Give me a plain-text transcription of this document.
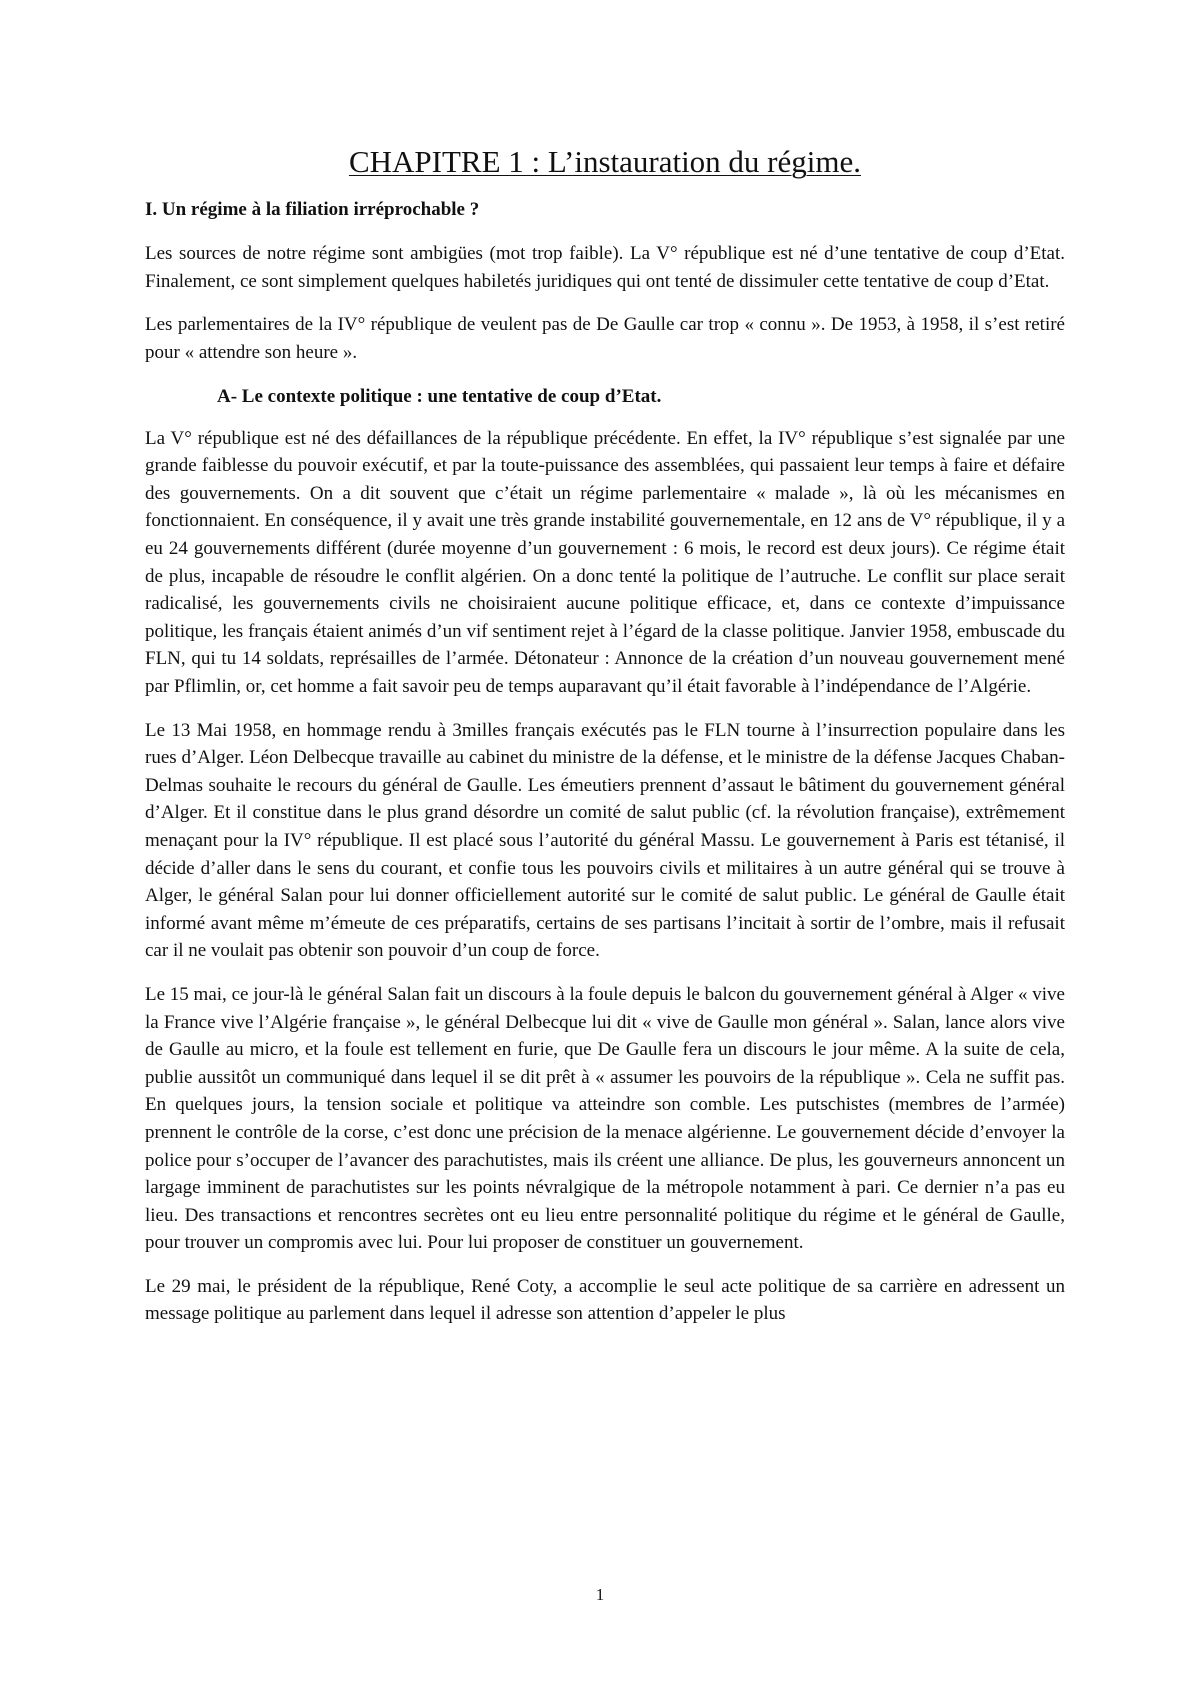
CHAPITRE 1 : L’instauration du régime.

I. Un régime à la filiation irréprochable ?

Les sources de notre régime sont ambigües (mot trop faible). La V° république est né d’une tentative de coup d’Etat. Finalement, ce sont simplement quelques habiletés juridiques qui ont tenté de dissimuler cette tentative de coup d’Etat.

Les parlementaires de la IV° république de veulent pas de De Gaulle car trop « connu ». De 1953, à 1958, il s’est retiré pour « attendre son heure ».

A- Le contexte politique : une tentative de coup d’Etat.

La V° république est né des défaillances de la république précédente. En effet, la IV° république s’est signalée par une grande faiblesse du pouvoir exécutif, et par la toute-puissance des assemblées, qui passaient leur temps à faire et défaire des gouvernements. On a dit souvent que c’était un régime parlementaire « malade », là où les mécanismes en fonctionnaient. En conséquence, il y avait une très grande instabilité gouvernementale, en 12 ans de V° république, il y a eu 24 gouvernements différent (durée moyenne d’un gouvernement : 6 mois, le record est deux jours). Ce régime était de plus, incapable de résoudre le conflit algérien. On a donc tenté la politique de l’autruche. Le conflit sur place serait radicalisé, les gouvernements civils ne choisiraient aucune politique efficace, et, dans ce contexte d’impuissance politique, les français étaient animés d’un vif sentiment rejet à l’égard de la classe politique. Janvier 1958, embuscade du FLN, qui tu 14 soldats, représailles de l’armée. Détonateur : Annonce de la création d’un nouveau gouvernement mené par Pflimlin, or, cet homme a fait savoir peu de temps auparavant qu’il était favorable à l’indépendance de l’Algérie.

Le 13 Mai 1958, en hommage rendu à 3milles français exécutés pas le FLN tourne à l’insurrection populaire dans les rues d’Alger. Léon Delbecque travaille au cabinet du ministre de la défense, et le ministre de la défense Jacques Chaban-Delmas souhaite le recours du général de Gaulle. Les émeutiers prennent d’assaut le bâtiment du gouvernement général d’Alger. Et il constitue dans le plus grand désordre un comité de salut public (cf. la révolution française), extrêmement menaçant pour la IV° république. Il est placé sous l’autorité du général Massu. Le gouvernement à Paris est tétanisé, il décide d’aller dans le sens du courant, et confie tous les pouvoirs civils et militaires à un autre général qui se trouve à Alger, le général Salan pour lui donner officiellement autorité sur le comité de salut public. Le général de Gaulle était informé avant même m’émeute de ces préparatifs, certains de ses partisans l’incitait à sortir de l’ombre, mais il refusait car il ne voulait pas obtenir son pouvoir d’un coup de force.

Le 15 mai, ce jour-là le général Salan fait un discours à la foule depuis le balcon du gouvernement général à Alger « vive la France vive l’Algérie française », le général Delbecque lui dit « vive de Gaulle mon général ». Salan, lance alors vive de Gaulle au micro, et la foule est tellement en furie, que De Gaulle fera un discours le jour même. A la suite de cela, publie aussitôt un communiqué dans lequel il se dit prêt à « assumer les pouvoirs de la république ». Cela ne suffit pas. En quelques jours, la tension sociale et politique va atteindre son comble. Les putschistes (membres de l’armée) prennent le contrôle de la corse, c’est donc une précision de la menace algérienne. Le gouvernement décide d’envoyer la police pour s’occuper de l’avancer des parachutistes, mais ils créent une alliance. De plus, les gouverneurs annoncent un largage imminent de parachutistes sur les points névralgique de la métropole notamment à pari. Ce dernier n’a pas eu lieu. Des transactions et rencontres secrètes ont eu lieu entre personnalité politique du régime et le général de Gaulle, pour trouver un compromis avec lui. Pour lui proposer de constituer un gouvernement.

Le 29 mai, le président de la république, René Coty, a accomplie le seul acte politique de sa carrière en adressent un message politique au parlement dans lequel il adresse son attention d’appeler le plus

1
